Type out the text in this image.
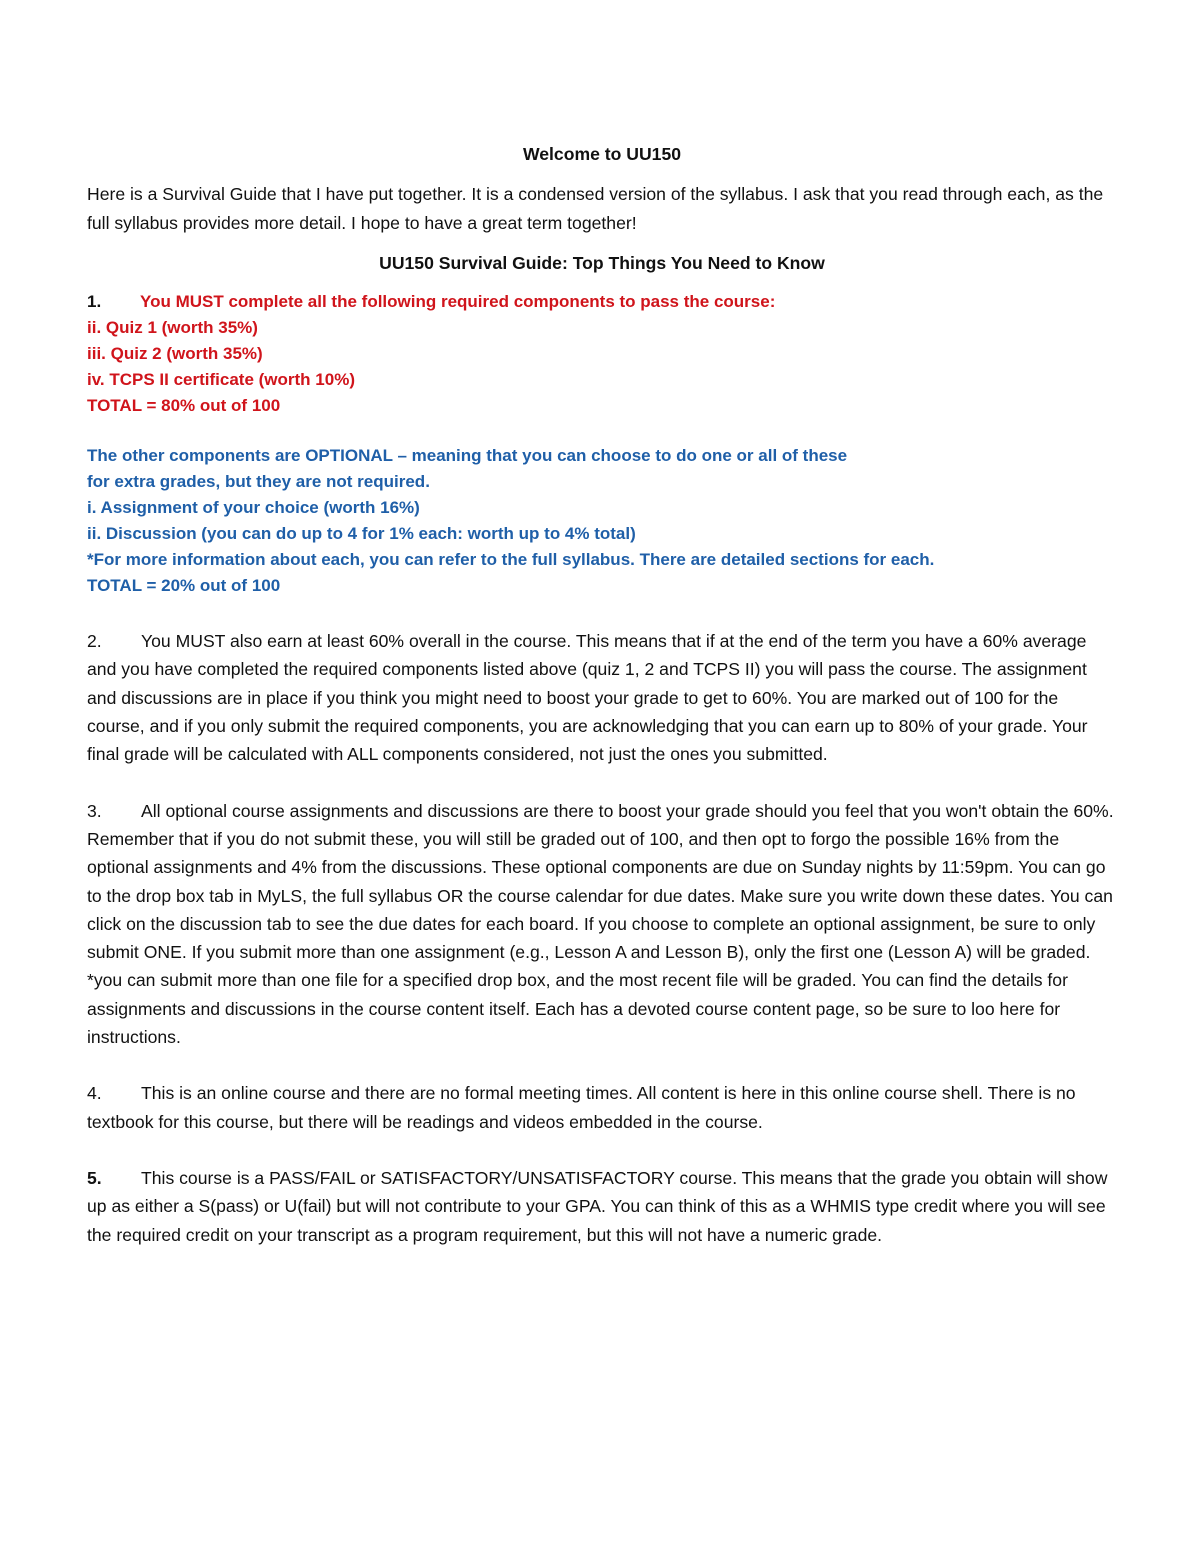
Welcome to UU150
Here is a Survival Guide that I have put together. It is a condensed version of the syllabus. I ask that you read through each, as the full syllabus provides more detail. I hope to have a great term together!
UU150 Survival Guide: Top Things You Need to Know
1. You MUST complete all the following required components to pass the course:
ii. Quiz 1 (worth 35%)
iii. Quiz 2 (worth 35%)
iv. TCPS II certificate (worth 10%)
TOTAL = 80% out of 100
The other components are OPTIONAL – meaning that you can choose to do one or all of these
for extra grades, but they are not required.
i. Assignment of your choice (worth 16%)
ii. Discussion (you can do up to 4 for 1% each: worth up to 4% total)
*For more information about each, you can refer to the full syllabus. There are detailed sections for each.
TOTAL = 20% out of 100
2. You MUST also earn at least 60% overall in the course. This means that if at the end of the term you have a 60% average and you have completed the required components listed above (quiz 1, 2 and TCPS II) you will pass the course. The assignment and discussions are in place if you think you might need to boost your grade to get to 60%. You are marked out of 100 for the course, and if you only submit the required components, you are acknowledging that you can earn up to 80% of your grade. Your final grade will be calculated with ALL components considered, not just the ones you submitted.
3. All optional course assignments and discussions are there to boost your grade should you feel that you won't obtain the 60%. Remember that if you do not submit these, you will still be graded out of 100, and then opt to forgo the possible 16% from the optional assignments and 4% from the discussions. These optional components are due on Sunday nights by 11:59pm. You can go to the drop box tab in MyLS, the full syllabus OR the course calendar for due dates. Make sure you write down these dates. You can click on the discussion tab to see the due dates for each board. If you choose to complete an optional assignment, be sure to only submit ONE. If you submit more than one assignment (e.g., Lesson A and Lesson B), only the first one (Lesson A) will be graded. *you can submit more than one file for a specified drop box, and the most recent file will be graded. You can find the details for assignments and discussions in the course content itself. Each has a devoted course content page, so be sure to loo here for instructions.
4. This is an online course and there are no formal meeting times. All content is here in this online course shell. There is no textbook for this course, but there will be readings and videos embedded in the course.
5. This course is a PASS/FAIL or SATISFACTORY/UNSATISFACTORY course. This means that the grade you obtain will show up as either a S(pass) or U(fail) but will not contribute to your GPA. You can think of this as a WHMIS type credit where you will see the required credit on your transcript as a program requirement, but this will not have a numeric grade.
